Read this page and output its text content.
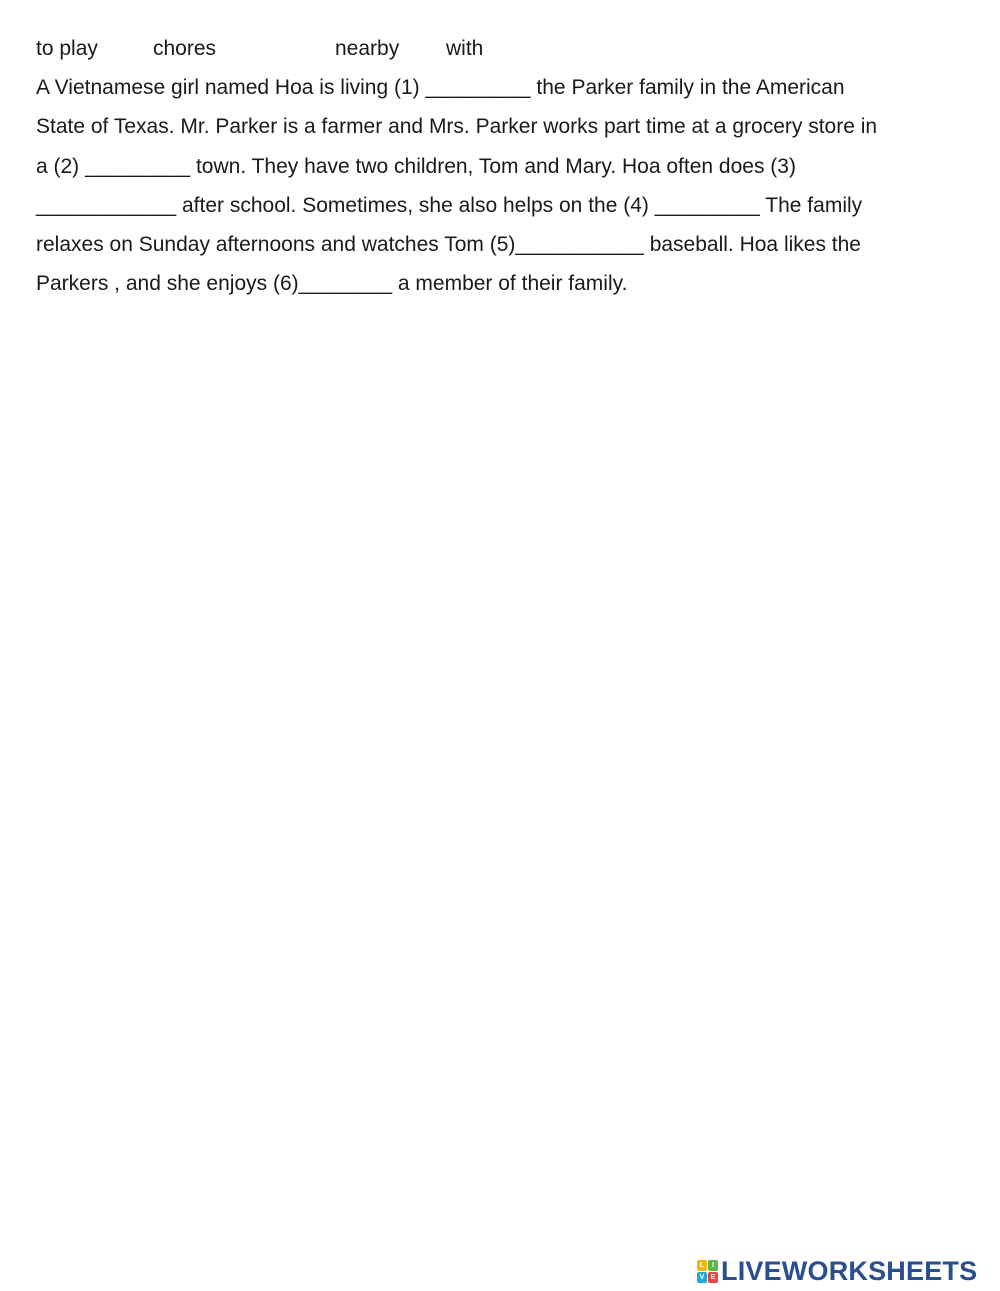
to play	chores	nearby with
A Vietnamese girl named Hoa is living (1) _________ the Parker family in the American
State of Texas. Mr. Parker is a farmer and Mrs. Parker works part time at a grocery store in
a (2) _________ town. They have two children, Tom and Mary. Hoa often does (3)
____________ after school. Sometimes, she also helps on the (4) _________ The family
relaxes on Sunday afternoons and watches Tom (5)___________ baseball. Hoa likes the
Parkers , and she enjoys (6)________ a member of their family.
L	I
V E LIVEWORKSHEETS
